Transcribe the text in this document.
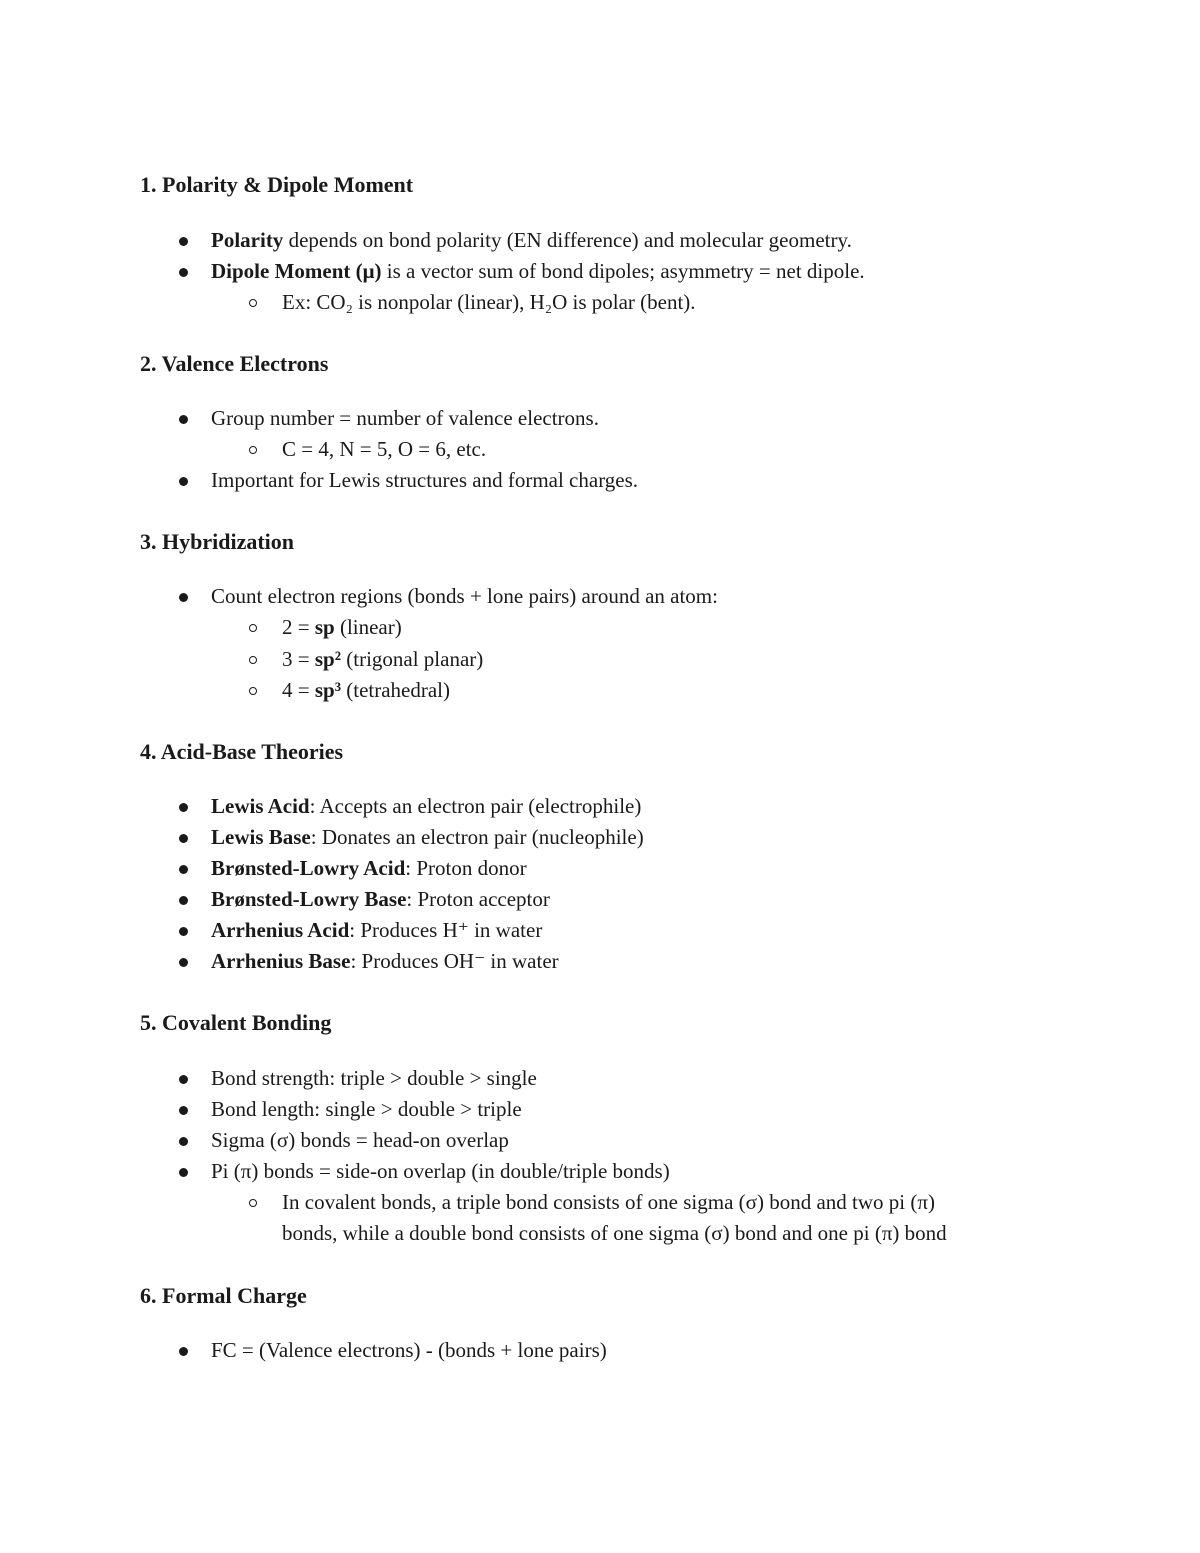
1. Polarity & Dipole Moment
Polarity depends on bond polarity (EN difference) and molecular geometry.
Dipole Moment (μ) is a vector sum of bond dipoles; asymmetry = net dipole.
Ex: CO₂ is nonpolar (linear), H₂O is polar (bent).
2. Valence Electrons
Group number = number of valence electrons.
C = 4, N = 5, O = 6, etc.
Important for Lewis structures and formal charges.
3. Hybridization
Count electron regions (bonds + lone pairs) around an atom:
2 = sp (linear)
3 = sp² (trigonal planar)
4 = sp³ (tetrahedral)
4. Acid-Base Theories
Lewis Acid: Accepts an electron pair (electrophile)
Lewis Base: Donates an electron pair (nucleophile)
Brønsted-Lowry Acid: Proton donor
Brønsted-Lowry Base: Proton acceptor
Arrhenius Acid: Produces H⁺ in water
Arrhenius Base: Produces OH⁻ in water
5. Covalent Bonding
Bond strength: triple > double > single
Bond length: single > double > triple
Sigma (σ) bonds = head-on overlap
Pi (π) bonds = side-on overlap (in double/triple bonds)
In covalent bonds, a triple bond consists of one sigma (σ) bond and two pi (π)
bonds, while a double bond consists of one sigma (σ) bond and one pi (π) bond
6. Formal Charge
FC = (Valence electrons) - (bonds + lone pairs)
